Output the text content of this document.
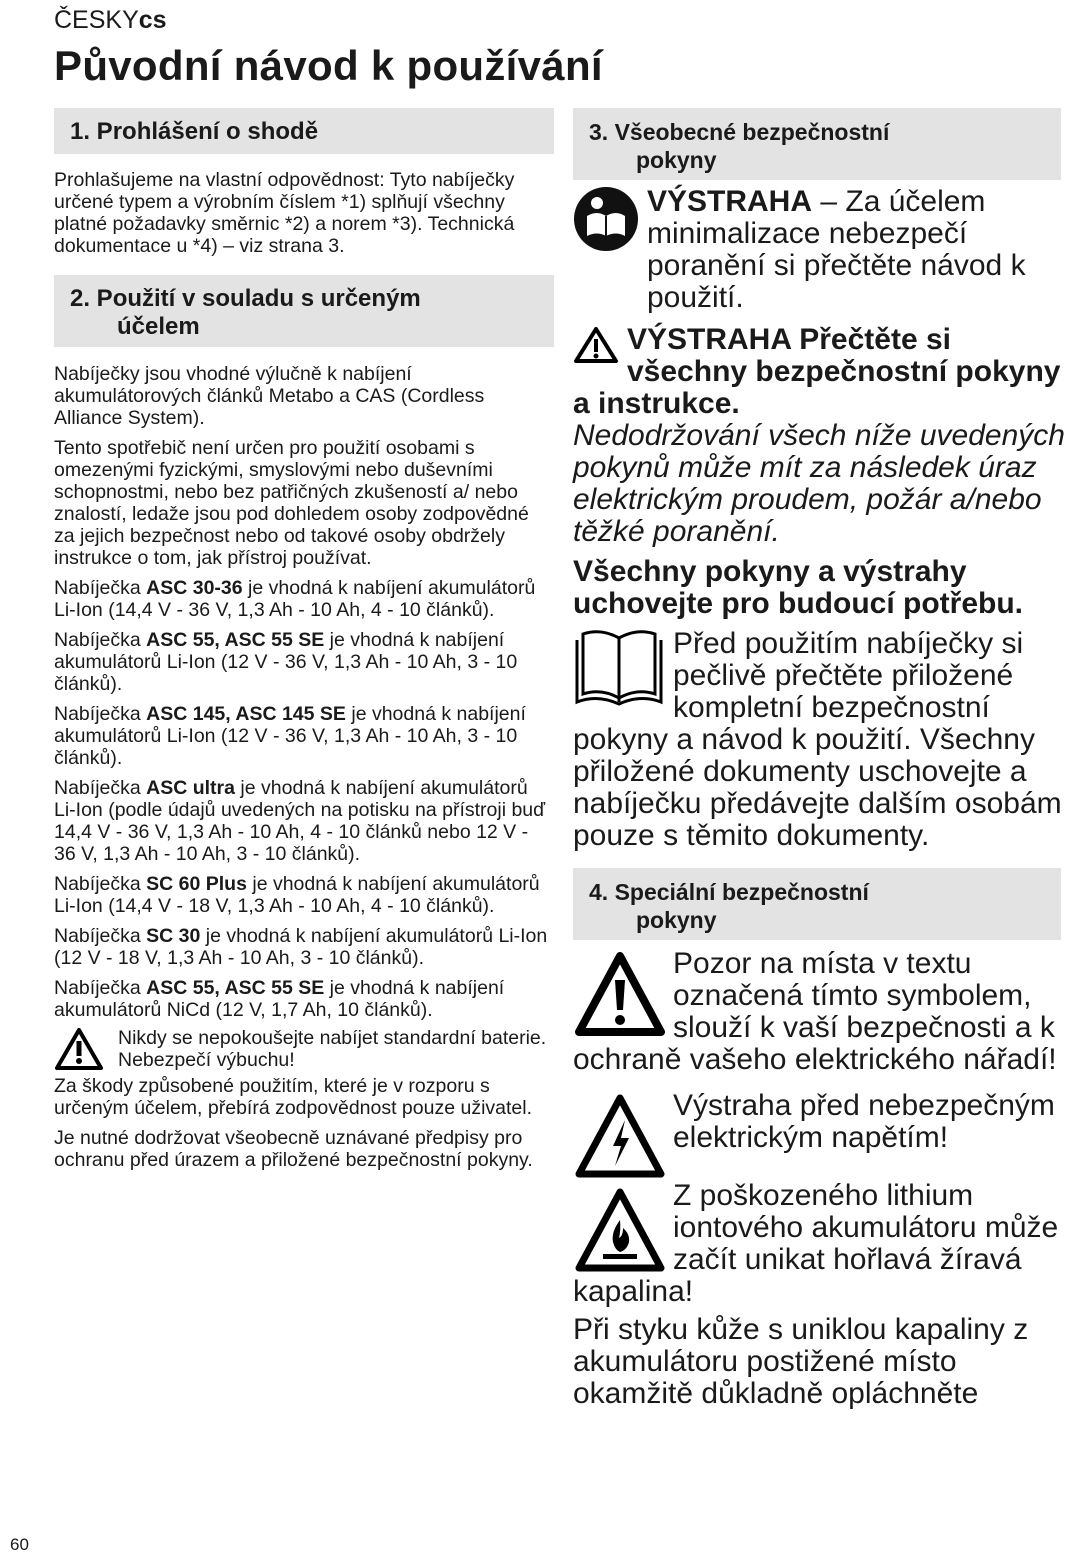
ČESKYcs
Původní návod k používání
1. Prohlášení o shodě

Prohlašujeme na vlastní odpovědnost: Tyto nabíječky určené typem a výrobním číslem *1) splňují všechny platné požadavky směrnic *2) a norem *3). Technická dokumentace u *4) – viz strana 3.

2. Použití v souladu s určeným
účelem

Nabíječky jsou vhodné výlučně k nabíjení akumulátorových článků Metabo a CAS (Cordless Alliance System).

Tento spotřebič není určen pro použití osobami s omezenými fyzickými, smyslovými nebo duševními schopnostmi, nebo bez patřičných zkušeností a/ nebo znalostí, ledaže jsou pod dohledem osoby zodpovědné za jejich bezpečnost nebo od takové osoby obdržely instrukce o tom, jak přístroj používat.

Nabíječka ASC 30-36 je vhodná k nabíjení akumulátorů Li-Ion (14,4 V - 36 V, 1,3 Ah - 10 Ah, 4 - 10 článků).

Nabíječka ASC 55, ASC 55 SE je vhodná k nabíjení akumulátorů Li-Ion (12 V - 36 V, 1,3 Ah - 10 Ah, 3 - 10 článků).

Nabíječka ASC 145, ASC 145 SE je vhodná k nabíjení akumulátorů Li-Ion (12 V - 36 V, 1,3 Ah - 10 Ah, 3 - 10 článků).

Nabíječka ASC ultra je vhodná k nabíjení akumulátorů Li-Ion (podle údajů uvedených na potisku na přístroji buď 14,4 V - 36 V, 1,3 Ah - 10 Ah, 4 - 10 článků nebo 12 V - 36 V, 1,3 Ah - 10 Ah, 3 - 10 článků).

Nabíječka SC 60 Plus je vhodná k nabíjení akumulátorů Li-Ion (14,4 V - 18 V, 1,3 Ah - 10 Ah, 4 - 10 článků).

Nabíječka SC 30 je vhodná k nabíjení akumulátorů Li-Ion (12 V - 18 V, 1,3 Ah - 10 Ah, 3 - 10 článků).

Nabíječka ASC 55, ASC 55 SE je vhodná k nabíjení akumulátorů NiCd (12 V, 1,7 Ah, 10 článků).

Nikdy se nepokoušejte nabíjet standardní baterie. Nebezpečí výbuchu!

Za škody způsobené použitím, které je v rozporu s určeným účelem, přebírá zodpovědnost pouze uživatel.

Je nutné dodržovat všeobecně uznávané předpisy pro ochranu před úrazem a přiložené bezpečnostní pokyny.

3. Všeobecné bezpečnostní
pokyny
VÝSTRAHA – Za účelem minimalizace nebezpečí poranění si přečtěte návod k použití.
VÝSTRAHA Přečtěte si všechny bezpečnostní pokyny a instrukce.
Nedodržování všech níže uvedených pokynů může mít za následek úraz elektrickým proudem, požár a/nebo těžké poranění.
Všechny pokyny a výstrahy uchovejte pro budoucí potřebu.
Před použitím nabíječky si pečlivě přečtěte přiložené kompletní bezpečnostní pokyny a návod k použití. Všechny přiložené dokumenty uschovejte a nabíječku předávejte dalším osobám pouze s těmito dokumenty.
4. Speciální bezpečnostní
pokyny
Pozor na místa v textu označená tímto symbolem, slouží k vaší bezpečnosti a k ochraně vašeho elektrického nářadí!
Výstraha před nebezpečným elektrickým napětím!
Z poškozeného lithium iontového akumulátoru může začít unikat hořlavá žíravá kapalina!
Při styku kůže s uniklou kapaliny z akumulátoru postižené místo okamžitě důkladně opláchněte
60
